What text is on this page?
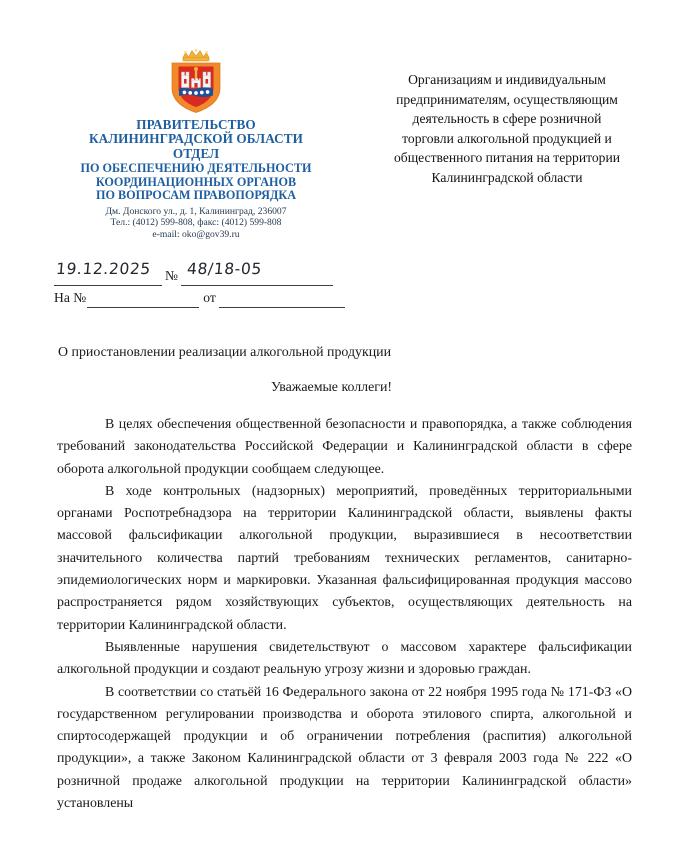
ПРАВИТЕЛЬСТВО
КАЛИНИНГРАДСКОЙ ОБЛАСТИ
ОТДЕЛ
ПО ОБЕСПЕЧЕНИЮ ДЕЯТЕЛЬНОСТИ
КООРДИНАЦИОННЫХ ОРГАНОВ
ПО ВОПРОСАМ ПРАВОПОРЯДКА
Дм. Донского ул., д. 1, Калининград, 236007
Тел.: (4012) 599-808, факс: (4012) 599-808
e-mail: oko@gov39.ru
Организациям и индивидуальным
предпринимателям, осуществляющим
деятельность в сфере розничной
торговли алкогольной продукцией и
общественного питания на территории
Калининградской области
19.12.2025 № 48/18-05
На №	от
О приостановлении реализации алкогольной продукции
Уважаемые коллеги!

В целях обеспечения общественной безопасности и правопорядка, а также соблюдения требований законодательства Российской Федерации и Калининградской области в сфере оборота алкогольной продукции сообщаем следующее.

В ходе контрольных (надзорных) мероприятий, проведённых территориальными органами Роспотребнадзора на территории Калининградской области, выявлены факты массовой фальсификации алкогольной продукции, выразившиеся в несоответствии значительного количества партий требованиям технических регламентов, санитарно-эпидемиологических норм и маркировки. Указанная фальсифицированная продукция массово распространяется рядом хозяйствующих субъектов, осуществляющих деятельность на территории Калининградской области.

Выявленные нарушения свидетельствуют о массовом характере фальсификации алкогольной продукции и создают реальную угрозу жизни и здоровью граждан.

В соответствии со статьёй 16 Федерального закона от 22 ноября 1995 года № 171-ФЗ «О государственном регулировании производства и оборота этилового спирта, алкогольной и спиртосодержащей продукции и об ограничении потребления (распития) алкогольной продукции», а также Законом Калининградской области от 3 февраля 2003 года № 222 «О розничной продаже алкогольной продукции на территории Калининградской области» установлены
